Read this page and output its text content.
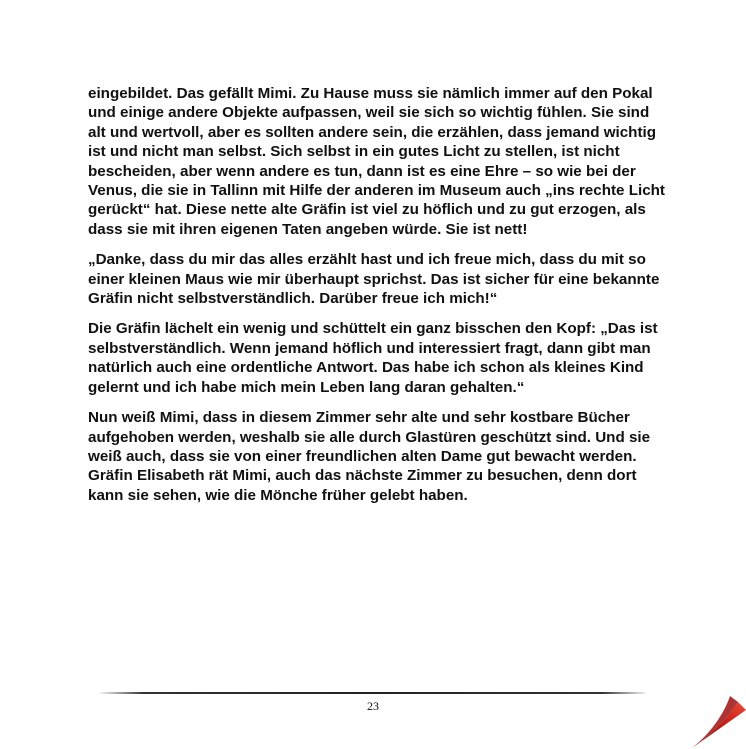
eingebildet. Das gefällt Mimi. Zu Hause muss sie nämlich immer auf den Pokal und einige andere Objekte aufpassen, weil sie sich so wichtig fühlen. Sie sind alt und wertvoll, aber es sollten andere sein, die erzählen, dass jemand wichtig ist und nicht man selbst. Sich selbst in ein gutes Licht zu stellen, ist nicht bescheiden, aber wenn andere es tun, dann ist es eine Ehre – so wie bei der Venus, die sie in Tallinn mit Hilfe der anderen im Museum auch „ins rechte Licht gerückt“ hat. Diese nette alte Gräfin ist viel zu höflich und zu gut erzogen, als dass sie mit ihren eigenen Taten angeben würde. Sie ist nett!

„Danke, dass du mir das alles erzählt hast und ich freue mich, dass du mit so einer kleinen Maus wie mir überhaupt sprichst. Das ist sicher für eine bekannte Gräfin nicht selbstverständlich. Darüber freue ich mich!“

Die Gräfin lächelt ein wenig und schüttelt ein ganz bisschen den Kopf: „Das ist selbstverständlich. Wenn jemand höflich und interessiert fragt, dann gibt man natürlich auch eine ordentliche Antwort. Das habe ich schon als kleines Kind gelernt und ich habe mich mein Leben lang daran gehalten.“

Nun weiß Mimi, dass in diesem Zimmer sehr alte und sehr kostbare Bücher aufgehoben werden, weshalb sie alle durch Glastüren geschützt sind. Und sie weiß auch, dass sie von einer freundlichen alten Dame gut bewacht werden. Gräfin Elisabeth rät Mimi, auch das nächste Zimmer zu besuchen, denn dort kann sie sehen, wie die Mönche früher gelebt haben.

23
